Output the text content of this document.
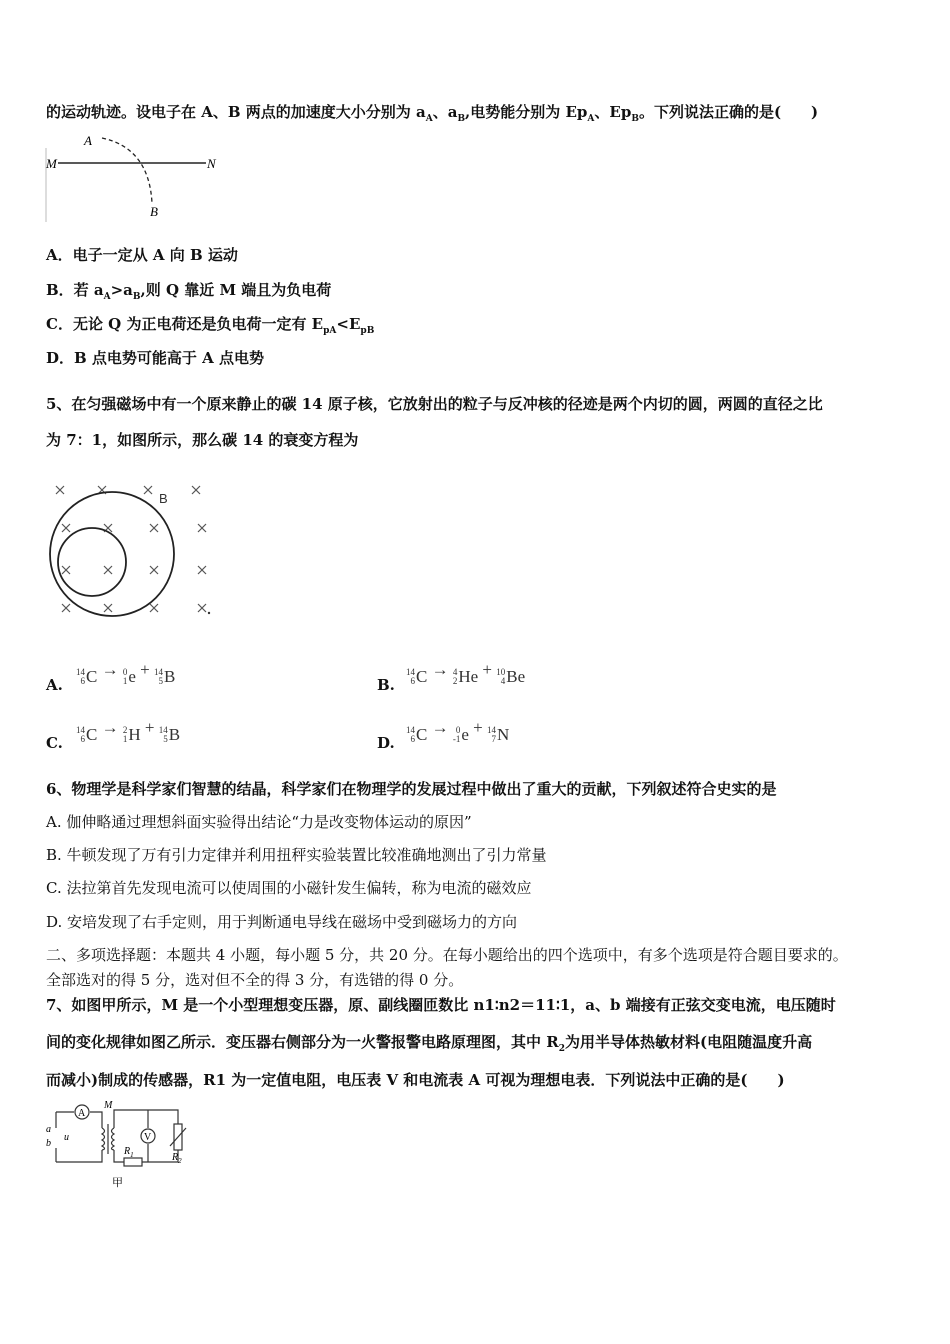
的运动轨迹。设电子在 A、B 两点的加速度大小分别为 $a_A$、$a_B$,电势能分别为 $Ep_A$、$Ep_B$。下列说法正确的是(　　)
A
M	N
B
A．电子一定从 A 向 B 运动
B．若 $a_A>a_B$,则 Q 靠近 M 端且为负电荷
C．无论 Q 为正电荷还是负电荷一定有 $E_{pA}<E_{pB}$
D．B 点电势可能高于 A 点电势
5、在匀强磁场中有一个原来静止的碳 14 原子核，它放射出的粒子与反冲核的径迹是两个内切的圆，两圆的直径之比
为 7：1，如图所示，那么碳 14 的衰变方程为
B
A.
14
6 C → 0
1 e + 14
5 B	B.
14
6 C → 4
2 He + 10
4 Be
C.
14
6 C → 2
1 H + 14
5 B	D.
14
6 C → 0
-1 e + 14
7 N
6、物理学是科学家们智慧的结晶，科学家们在物理学的发展过程中做出了重大的贡献，下列叙述符合史实的是
A. 伽伸略通过理想斜面实验得出结论“力是改变物体运动的原因”
B. 牛顿发现了万有引力定律并利用扭秤实验装置比较准确地测出了引力常量
C. 法拉第首先发现电流可以使周围的小磁针发生偏转，称为电流的磁效应
D. 安培发现了右手定则，用于判断通电导线在磁场中受到磁场力的方向
二、多项选择题：本题共 4 小题，每小题 5 分，共 20 分。在每小题给出的四个选项中，有多个选项是符合题目要求的。
全部选对的得 5 分，选对但不全的得 3 分，有选错的得 0 分。
7、如图甲所示，M 是一个小型理想变压器，原、副线圈匝数比 n1∶n2＝11∶1，a、b 端接有正弦交变电流，电压随时
间的变化规律如图乙所示．变压器右侧部分为一火警报警电路原理图，其中 $R_2$为用半导体热敏材料(电阻随温度升高
而减小)制成的传感器，R1 为一定值电阻，电压表 V 和电流表 A 可视为理想电表．下列说法中正确的是(　　)
A
V
M
a
b
u
$R_1$	$R_2$
甲
